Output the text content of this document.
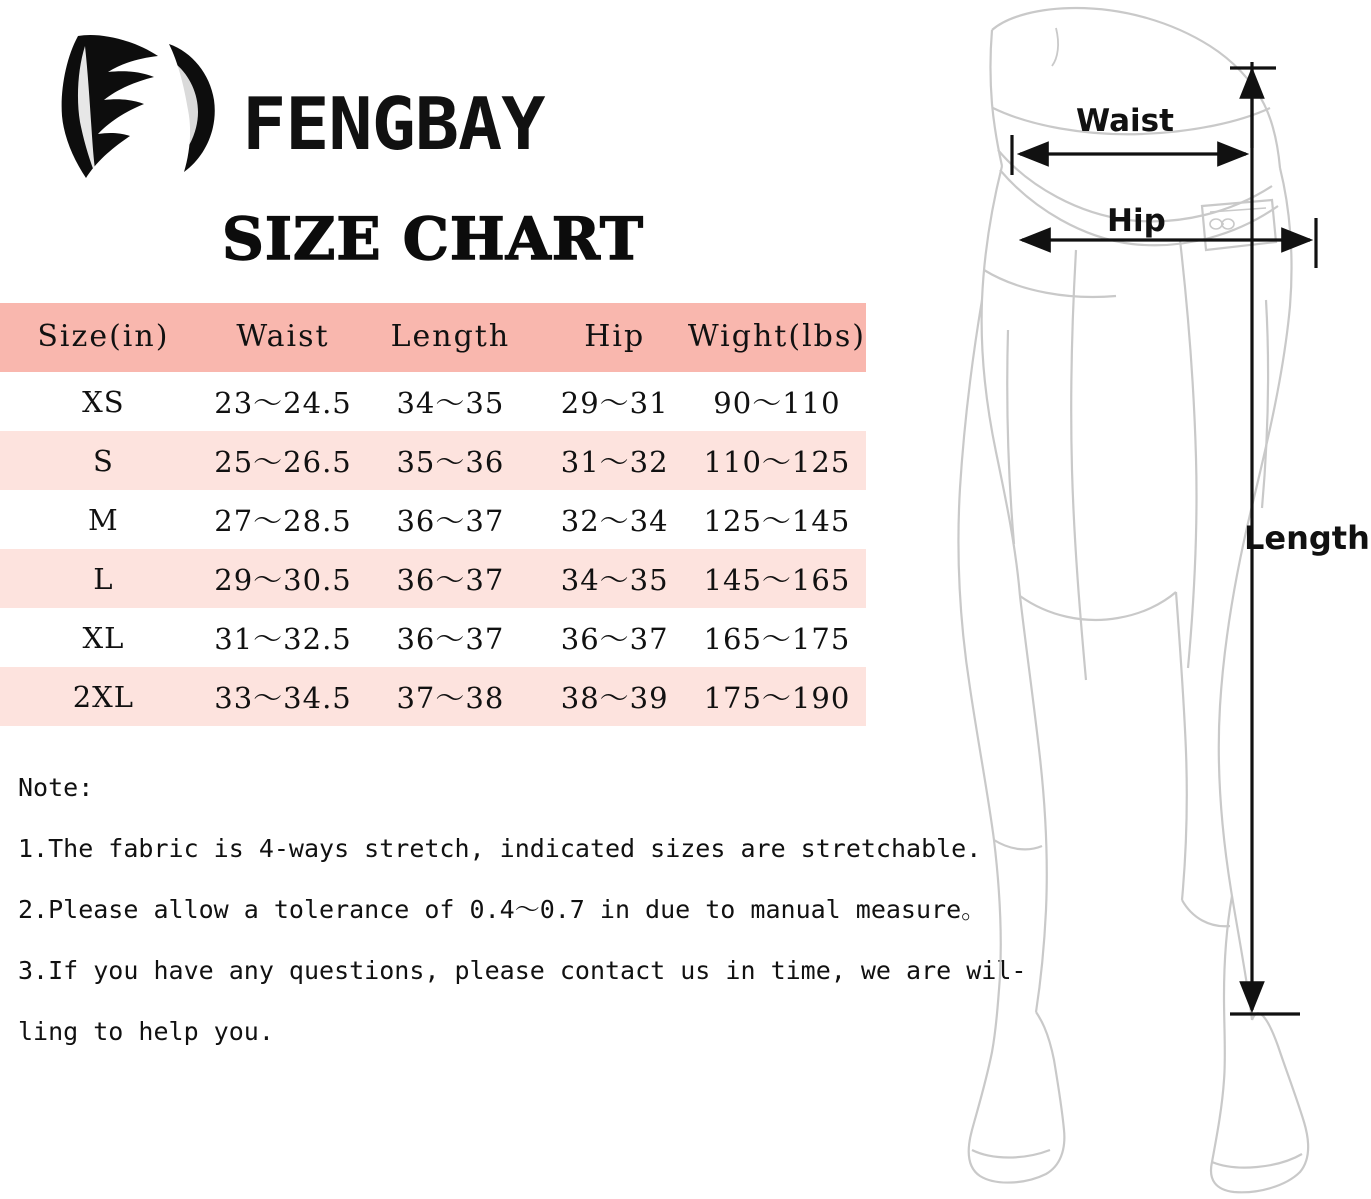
FENGBAY
SIZE CHART
Size(in)	Waist	Length	Hip	Wight(lbs)
XS	23～24.5	34～35	29～31	90～110
S	25～26.5	35～36	31～32	110～125
M	27～28.5	36～37	32～34	125～145
L	29～30.5	36～37	34～35	145～165
XL	31～32.5	36～37	36～37	165～175
2XL	33～34.5	37～38	38～39	175～190
Note:
1.The fabric is 4-ways stretch, indicated sizes are stretchable.
2.Please allow a tolerance of 0.4～0.7 in due to manual measure。
3.If you have any questions, please contact us in time, we are wil-
ling to help you.
Waist
Hip
Length
